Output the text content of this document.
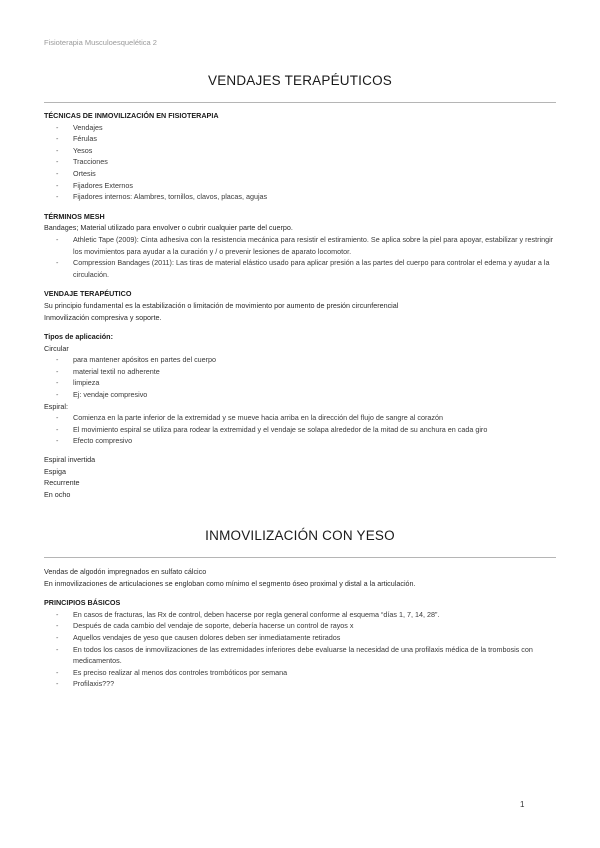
Fisioterapia Musculoesquelética 2
VENDAJES TERAPÉUTICOS
TÉCNICAS DE INMOVILIZACIÓN EN FISIOTERAPIA
- Vendajes
- Férulas
- Yesos
- Tracciones
- Ortesis
- Fijadores Externos
- Fijadores internos: Alambres, tornillos, clavos, placas, agujas
TÉRMINOS MESH
Bandages; Material utilizado para envolver o cubrir cualquier parte del cuerpo.
- Athletic Tape (2009): Cinta adhesiva con la resistencia mecánica para resistir el estiramiento. Se aplica sobre la piel para apoyar, estabilizar y restringir los movimientos para ayudar a la curación y / o prevenir lesiones de aparato locomotor.
- Compression Bandages (2011): Las tiras de material elástico usado para aplicar presión a las partes del cuerpo para controlar el edema y ayudar a la circulación.
VENDAJE TERAPÉUTICO
Su principio fundamental es la estabilización o limitación de movimiento por aumento de presión circunferencial
Inmovilización compresiva y soporte.
Tipos de aplicación:
Circular
- para mantener apósitos en partes del cuerpo
- material textil no adherente
- limpieza
- Ej: vendaje compresivo
Espiral:
- Comienza en la parte inferior de la extremidad y se mueve hacia arriba en la dirección del flujo de sangre al corazón
- El movimiento espiral se utiliza para rodear la extremidad y el vendaje se solapa alrededor de la mitad de su anchura en cada giro
- Efecto compresivo
Espiral invertida
Espiga
Recurrente
En ocho
INMOVILIZACIÓN CON YESO
Vendas de algodón impregnados en sulfato cálcico
En inmovilizaciones de articulaciones se engloban como mínimo el segmento óseo proximal y distal a la articulación.
PRINCIPIOS BÁSICOS
- En casos de fracturas, las Rx de control, deben hacerse por regla general conforme al esquema “días 1, 7, 14, 28”.
- Después de cada cambio del vendaje de soporte, debería hacerse un control de rayos x
- Aquellos vendajes de yeso que causen dolores deben ser inmediatamente retirados
- En todos los casos de inmovilizaciones de las extremidades inferiores debe evaluarse la necesidad de una profilaxis médica de la trombosis con medicamentos.
- Es preciso realizar al menos dos controles trombóticos por semana
- Profilaxis???
1
